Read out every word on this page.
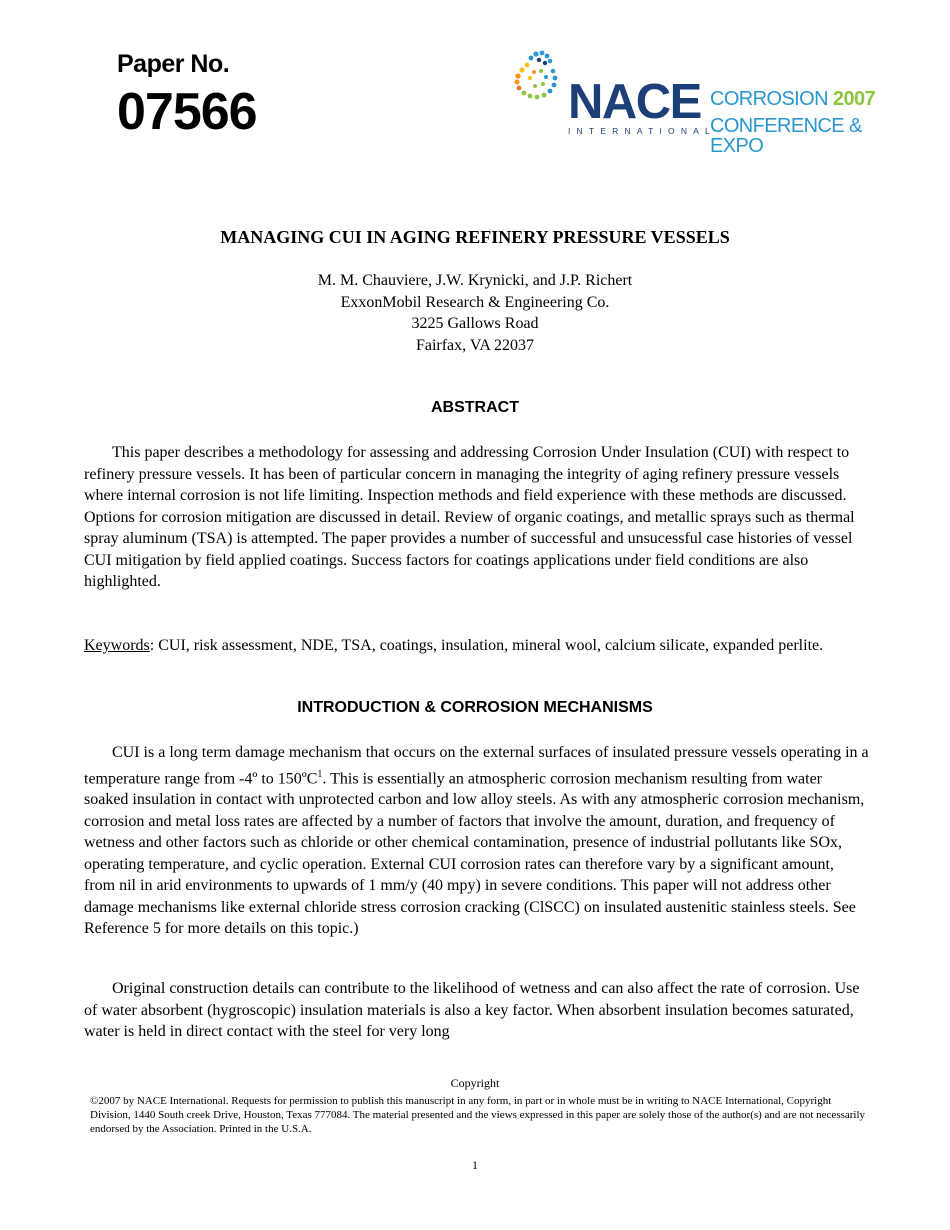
Paper No.
07566	NACE
INTERNATIONAL
CORROSION 2007
CONFERENCE & EXPO
MANAGING CUI IN AGING REFINERY PRESSURE VESSELS
M. M. Chauviere, J.W. Krynicki, and J.P. Richert
ExxonMobil Research & Engineering Co.
3225 Gallows Road
Fairfax, VA 22037
ABSTRACT
This paper describes a methodology for assessing and addressing Corrosion Under Insulation (CUI) with respect to refinery pressure vessels. It has been of particular concern in managing the integrity of aging refinery pressure vessels where internal corrosion is not life limiting. Inspection methods and field experience with these methods are discussed. Options for corrosion mitigation are discussed in detail. Review of organic coatings, and metallic sprays such as thermal spray aluminum (TSA) is attempted. The paper provides a number of successful and unsucessful case histories of vessel CUI mitigation by field applied coatings. Success factors for coatings applications under field conditions are also highlighted.
Keywords: CUI, risk assessment, NDE, TSA, coatings, insulation, mineral wool, calcium silicate, expanded perlite.
INTRODUCTION & CORROSION MECHANISMS
CUI is a long term damage mechanism that occurs on the external surfaces of insulated pressure vessels operating in a temperature range from -4º to 150ºC$^1$. This is essentially an atmospheric corrosion mechanism resulting from water soaked insulation in contact with unprotected carbon and low alloy steels. As with any atmospheric corrosion mechanism, corrosion and metal loss rates are affected by a number of factors that involve the amount, duration, and frequency of wetness and other factors such as chloride or other chemical contamination, presence of industrial pollutants like SOx, operating temperature, and cyclic operation. External CUI corrosion rates can therefore vary by a significant amount, from nil in arid environments to upwards of 1 mm/y (40 mpy) in severe conditions. This paper will not address other damage mechanisms like external chloride stress corrosion cracking (ClSCC) on insulated austenitic stainless steels. See Reference 5 for more details on this topic.)
Original construction details can contribute to the likelihood of wetness and can also affect the rate of corrosion. Use of water absorbent (hygroscopic) insulation materials is also a key factor. When absorbent insulation becomes saturated, water is held in direct contact with the steel for very long
Copyright
©2007 by NACE International. Requests for permission to publish this manuscript in any form, in part or in whole must be in writing to NACE International, Copyright Division, 1440 South creek Drive, Houston, Texas 777084. The material presented and the views expressed in this paper are solely those of the author(s) and are not necessarily endorsed by the Association. Printed in the U.S.A.
1
